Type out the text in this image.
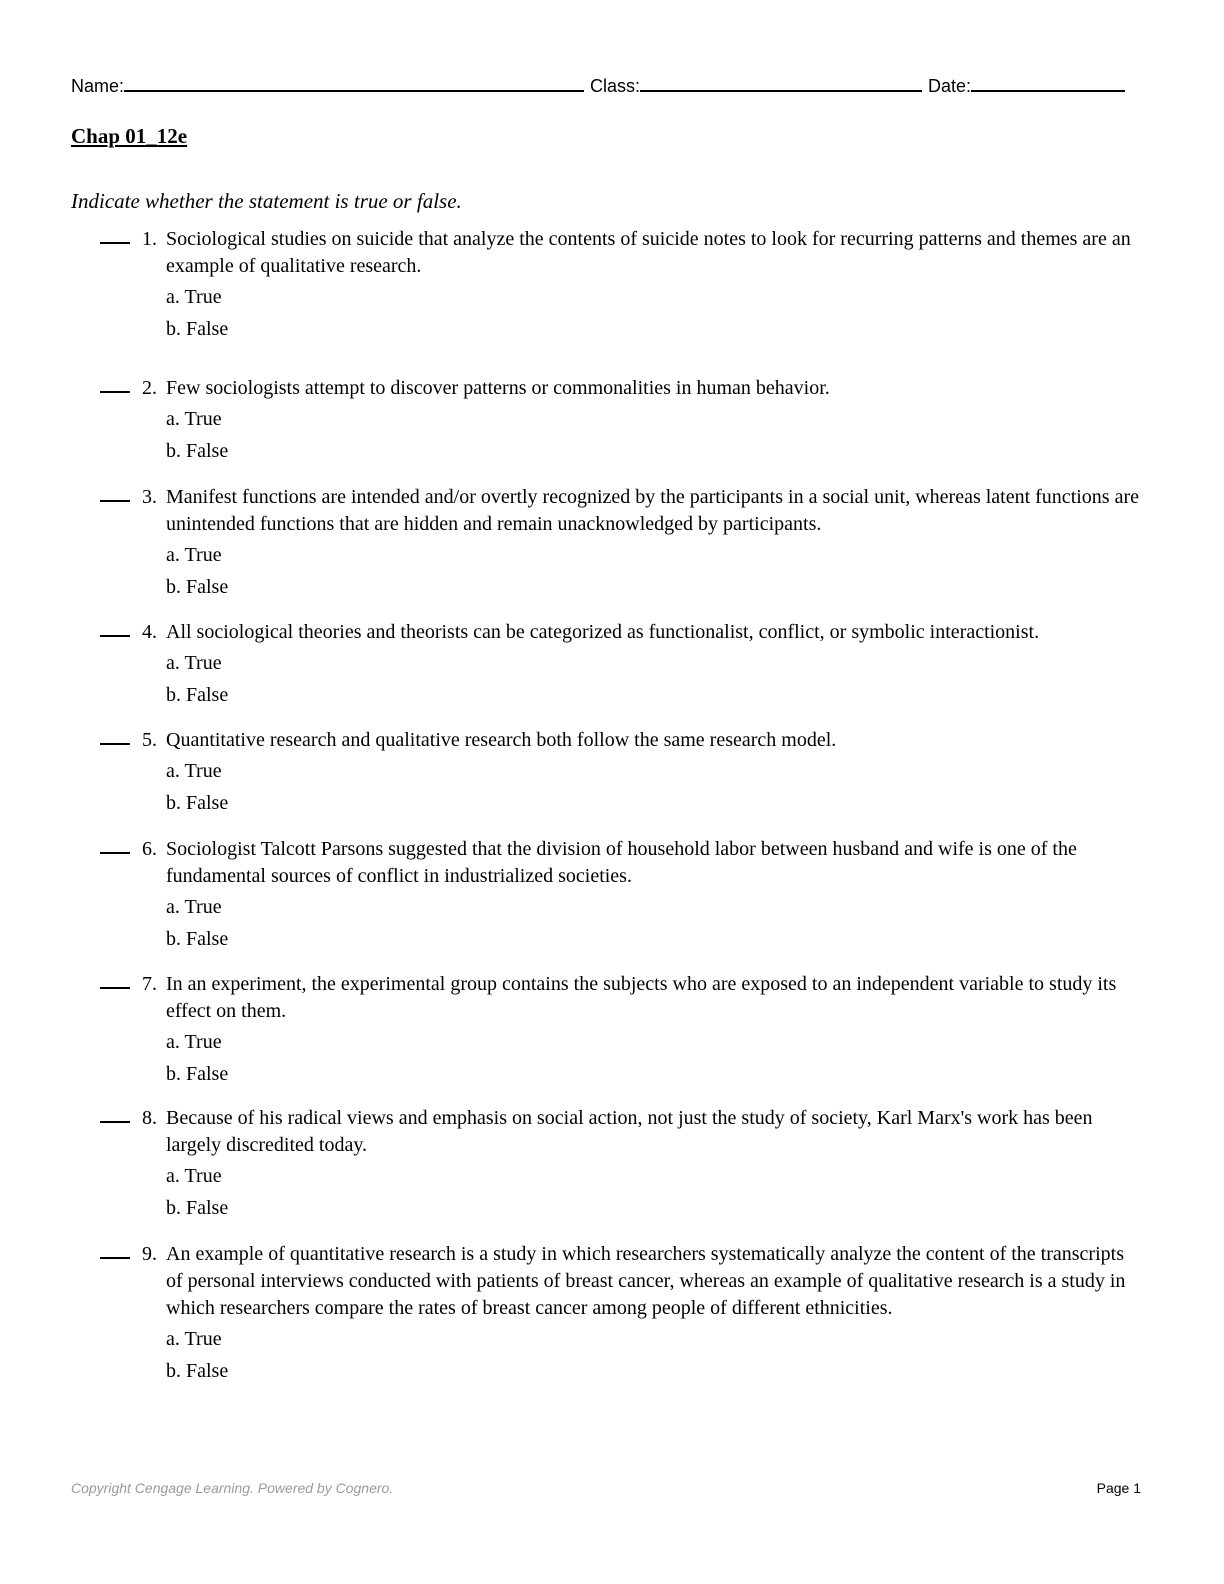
Name:	Class:	Date:
Chap 01_12e
Indicate whether the statement is true or false.
1. Sociological studies on suicide that analyze the contents of suicide notes to look for recurring patterns and themes are an example of qualitative research.
a. True
b. False
2. Few sociologists attempt to discover patterns or commonalities in human behavior.
a. True
b. False
3. Manifest functions are intended and/or overtly recognized by the participants in a social unit, whereas latent functions are unintended functions that are hidden and remain unacknowledged by participants.
a. True
b. False
4. All sociological theories and theorists can be categorized as functionalist, conflict, or symbolic interactionist.
a. True
b. False
5. Quantitative research and qualitative research both follow the same research model.
a. True
b. False
6. Sociologist Talcott Parsons suggested that the division of household labor between husband and wife is one of the fundamental sources of conflict in industrialized societies.
a. True
b. False
7. In an experiment, the experimental group contains the subjects who are exposed to an independent variable to study its effect on them.
a. True
b. False
8. Because of his radical views and emphasis on social action, not just the study of society, Karl Marx's work has been largely discredited today.
a. True
b. False
9. An example of quantitative research is a study in which researchers systematically analyze the content of the transcripts of personal interviews conducted with patients of breast cancer, whereas an example of qualitative research is a study in which researchers compare the rates of breast cancer among people of different ethnicities.
a. True
b. False
Copyright Cengage Learning. Powered by Cognero.	Page 1
